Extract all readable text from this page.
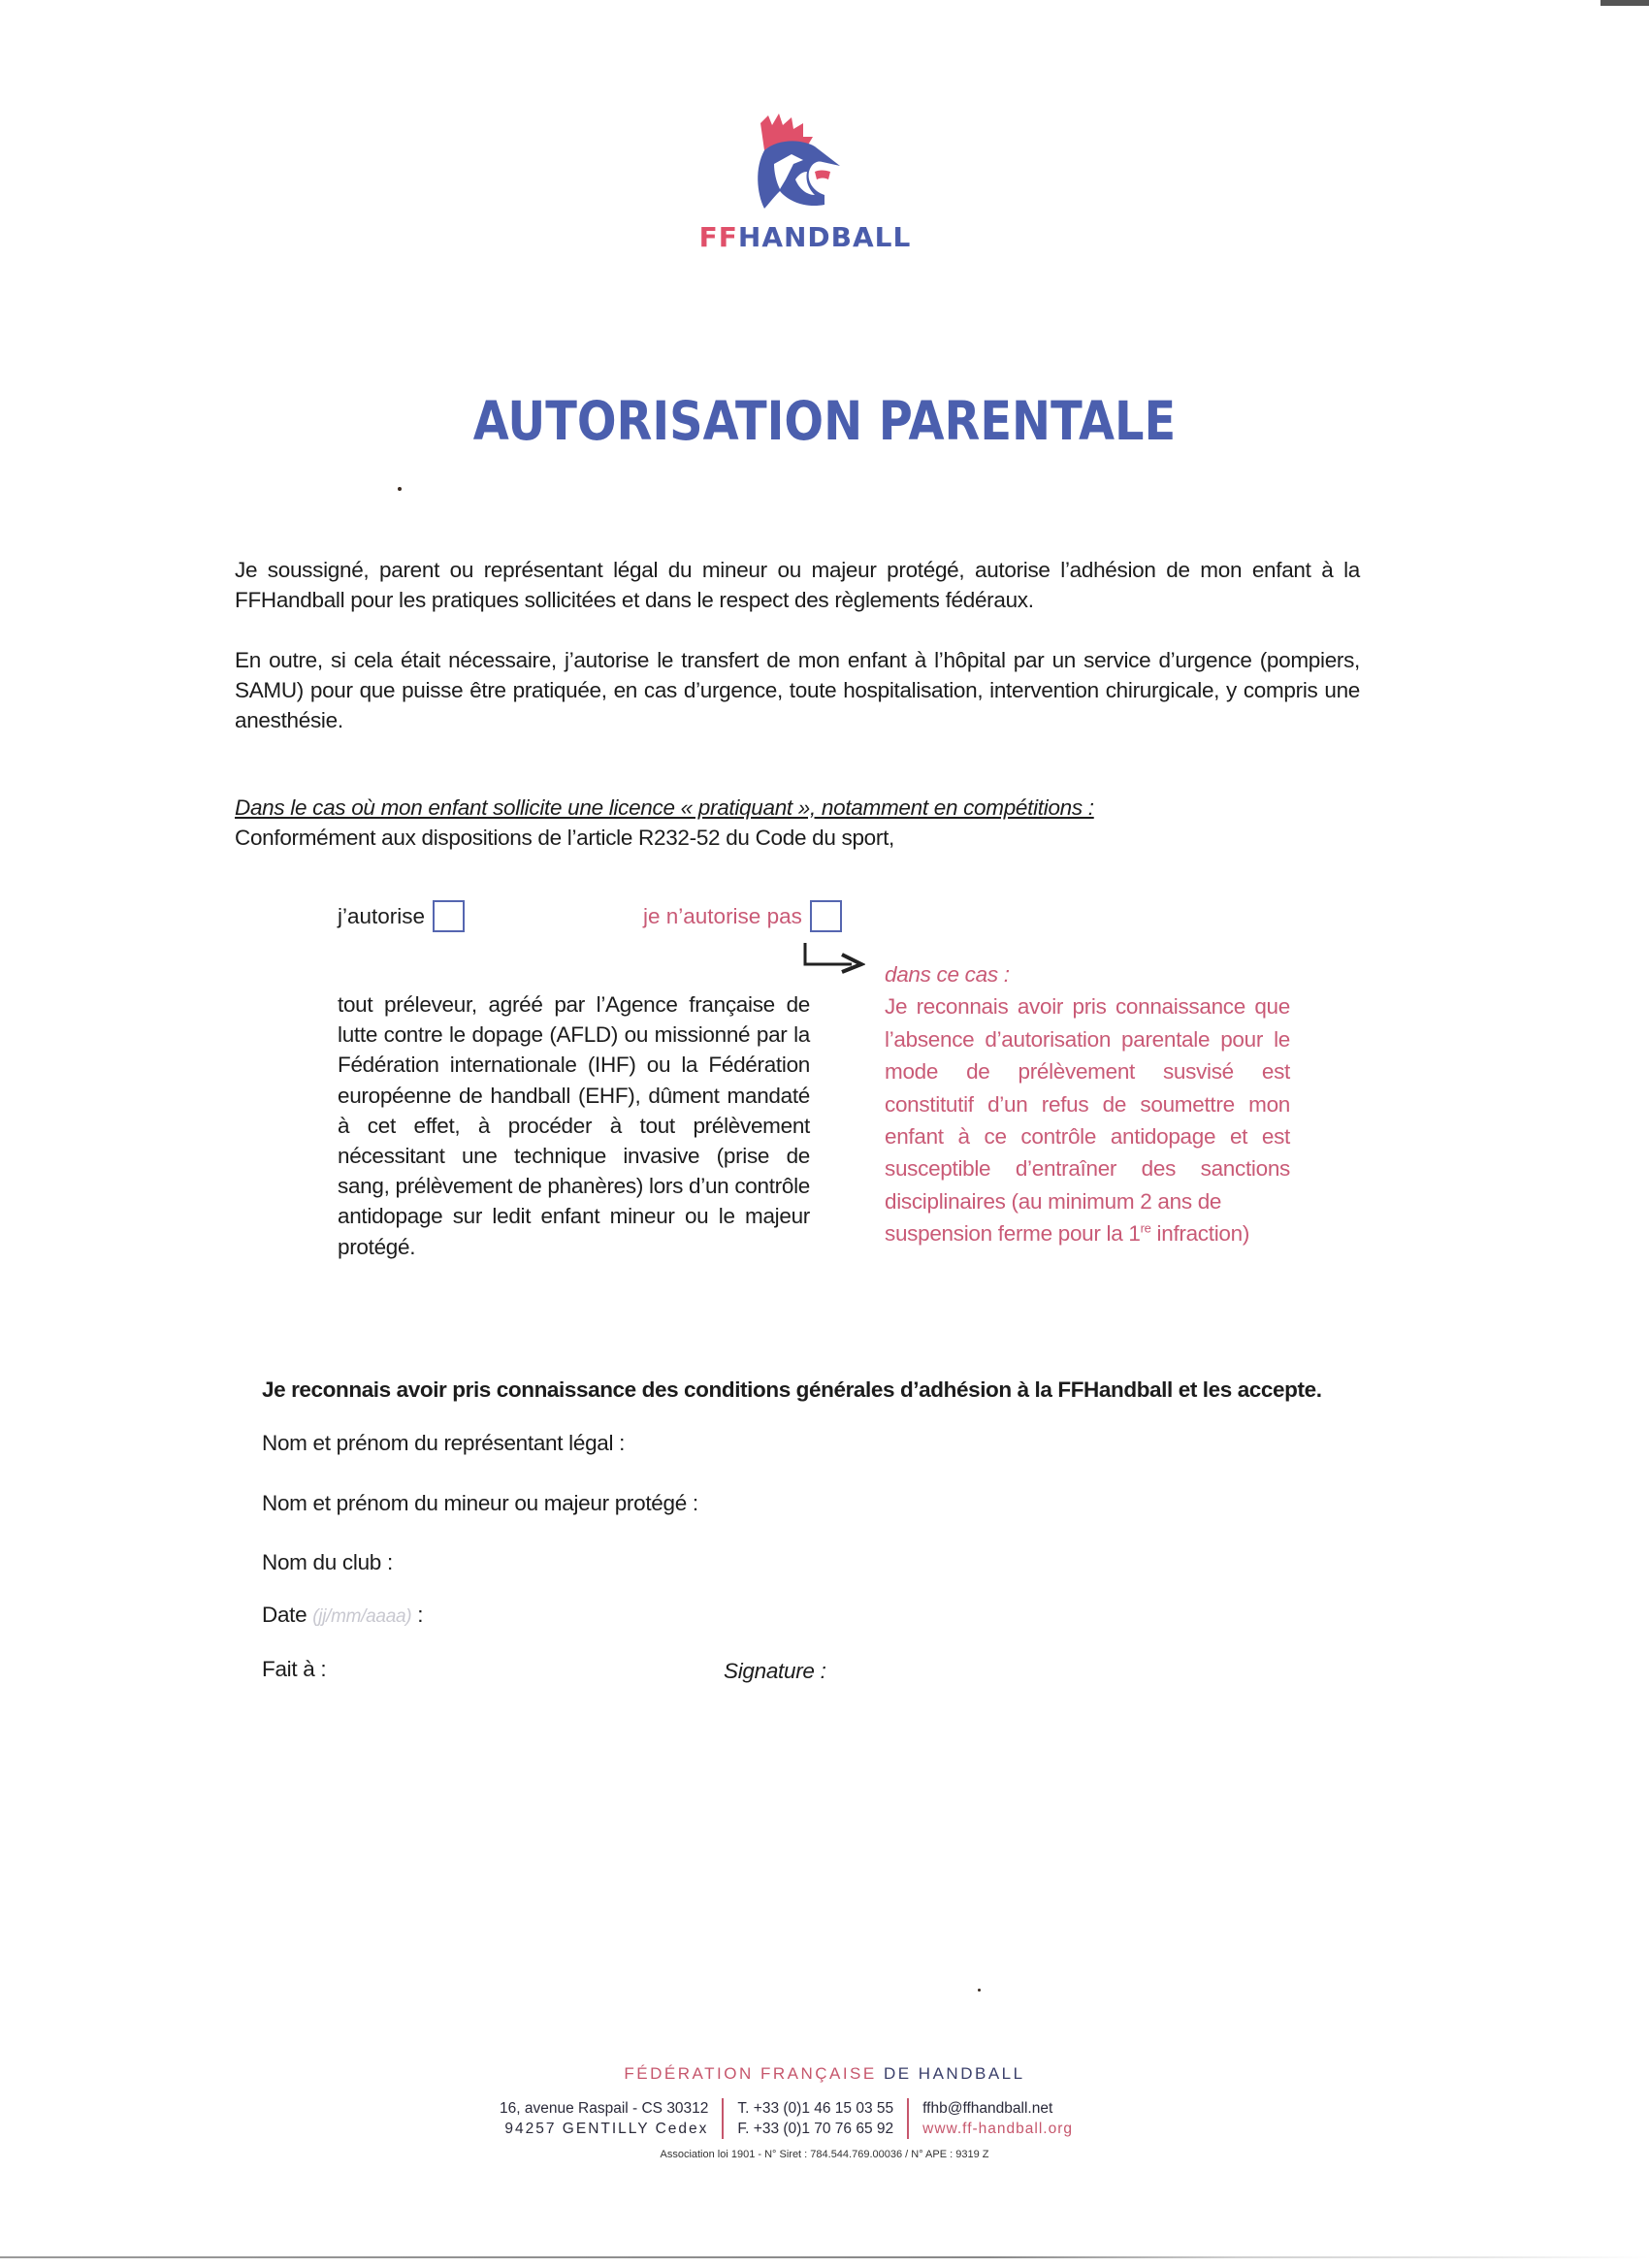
FFHANDBALL
AUTORISATION PARENTALE
Je soussigné, parent ou représentant légal du mineur ou majeur protégé, autorise l’adhésion de mon enfant à la FFHandball pour les pratiques sollicitées et dans le respect des règlements fédéraux.
En outre, si cela était nécessaire, j’autorise le transfert de mon enfant à l’hôpital par un service d’urgence (pompiers, SAMU) pour que puisse être pratiquée, en cas d’urgence, toute hospitalisation, intervention chirurgicale, y compris une anesthésie.
Dans le cas où mon enfant sollicite une licence « pratiquant », notamment en compétitions :
Conformément aux dispositions de l’article R232-52 du Code du sport,
j’autorise	je n’autorise pas
tout préleveur, agréé par l’Agence française de lutte contre le dopage (AFLD) ou missionné par la Fédération internationale (IHF) ou la Fédération européenne de handball (EHF), dûment mandaté à cet effet, à procéder à tout prélèvement nécessitant une technique invasive (prise de sang, prélèvement de phanères) lors d’un contrôle antidopage sur ledit enfant mineur ou le majeur protégé.
dans ce cas :
Je reconnais avoir pris connaissance que l’absence d’autorisation parentale pour le mode de prélèvement susvisé est constitutif d’un refus de soumettre mon enfant à ce contrôle antidopage et est susceptible d’entraîner des sanctions disciplinaires (au minimum 2 ans de
suspension ferme pour la 1re infraction)
Je reconnais avoir pris connaissance des conditions générales d’adhésion à la FFHandball et les accepte.
Nom et prénom du représentant légal :
Nom et prénom du mineur ou majeur protégé :
Nom du club :
Date (jj/mm/aaaa) :
Fait à :	Signature :
FÉDÉRATION FRANÇAISE DE HANDBALL
16, avenue Raspail - CS 30312
94257 GENTILLY Cedex
T. +33 (0)1 46 15 03 55
F. +33 (0)1 70 76 65 92
ffhb@ffhandball.net
www.ff-handball.org
Association loi 1901 - N° Siret : 784.544.769.00036 / N° APE : 9319 Z
